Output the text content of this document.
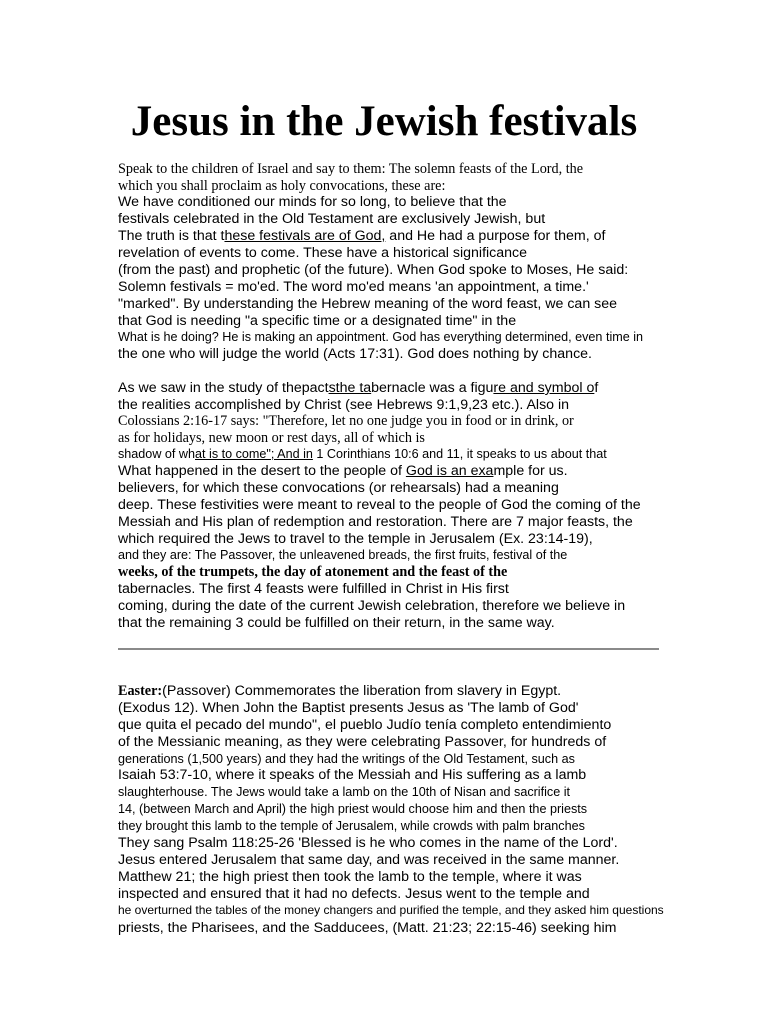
Jesus in the Jewish festivals

Speak to the children of Israel and say to them: The solemn feasts of the Lord, the

which you shall proclaim as holy convocations, these are:

We have conditioned our minds for so long, to believe that the

festivals celebrated in the Old Testament are exclusively Jewish, but

The truth is that these festivals are of God, and He had a purpose for them, of

revelation of events to come. These have a historical significance

(from the past) and prophetic (of the future). When God spoke to Moses, He said:

Solemn festivals = mo'ed. The word mo'ed means 'an appointment, a time.'

"marked". By understanding the Hebrew meaning of the word feast, we can see

that God is needing "a specific time or a designated time" in the

What is he doing? He is making an appointment. God has everything determined, even time in

the one who will judge the world (Acts 17:31). God does nothing by chance.

As we saw in the study of thepactsthe tabernacle was a figure and symbol of

the realities accomplished by Christ (see Hebrews 9:1,9,23 etc.). Also in

Colossians 2:16-17 says: "Therefore, let no one judge you in food or in drink, or

as for holidays, new moon or rest days, all of which is

shadow of what is to come"; And in 1 Corinthians 10:6 and 11, it speaks to us about that

What happened in the desert to the people of God is an example for us.

believers, for which these convocations (or rehearsals) had a meaning

deep. These festivities were meant to reveal to the people of God the coming of the

Messiah and His plan of redemption and restoration. There are 7 major feasts, the

which required the Jews to travel to the temple in Jerusalem (Ex. 23:14-19),

and they are: The Passover, the unleavened breads, the first fruits, festival of the

weeks, of the trumpets, the day of atonement and the feast of the

tabernacles. The first 4 feasts were fulfilled in Christ in His first

coming, during the date of the current Jewish celebration, therefore we believe in

that the remaining 3 could be fulfilled on their return, in the same way.

Easter:(Passover) Commemorates the liberation from slavery in Egypt.

(Exodus 12). When John the Baptist presents Jesus as 'The lamb of God'

que quita el pecado del mundo", el pueblo Judío tenía completo entendimiento

of the Messianic meaning, as they were celebrating Passover, for hundreds of

generations (1,500 years) and they had the writings of the Old Testament, such as

Isaiah 53:7-10, where it speaks of the Messiah and His suffering as a lamb

slaughterhouse. The Jews would take a lamb on the 10th of Nisan and sacrifice it

14, (between March and April) the high priest would choose him and then the priests

they brought this lamb to the temple of Jerusalem, while crowds with palm branches

They sang Psalm 118:25-26 'Blessed is he who comes in the name of the Lord'.

Jesus entered Jerusalem that same day, and was received in the same manner.

Matthew 21; the high priest then took the lamb to the temple, where it was

inspected and ensured that it had no defects. Jesus went to the temple and

he overturned the tables of the money changers and purified the temple, and they asked him questions

priests, the Pharisees, and the Sadducees, (Matt. 21:23; 22:15-46) seeking him
